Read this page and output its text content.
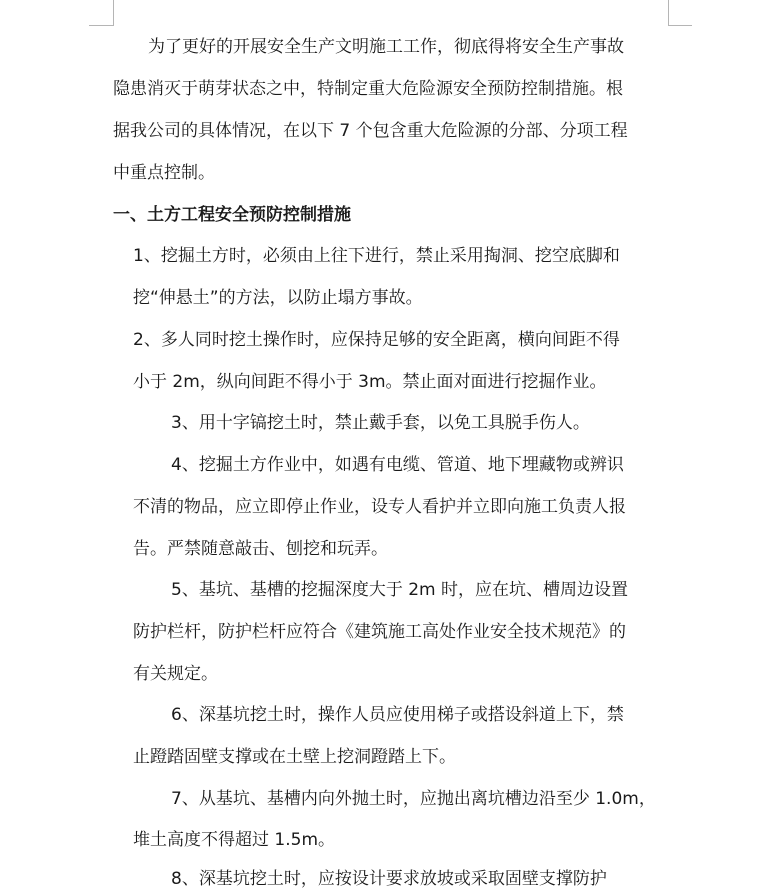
为了更好的开展安全生产文明施工工作，彻底得将安全生产事故

隐患消灭于萌芽状态之中，特制定重大危险源安全预防控制措施。根

据我公司的具体情况，在以下 7 个包含重大危险源的分部、分项工程

中重点控制。

一、土方工程安全预防控制措施

1、挖掘土方时，必须由上往下进行，禁止采用掏洞、挖空底脚和

挖“伸悬土”的方法，以防止塌方事故。

2、多人同时挖土操作时，应保持足够的安全距离，横向间距不得

小于 2m，纵向间距不得小于 3m。禁止面对面进行挖掘作业。

3、用十字镐挖土时，禁止戴手套，以免工具脱手伤人。

4、挖掘土方作业中，如遇有电缆、管道、地下埋藏物或辨识

不清的物品，应立即停止作业，设专人看护并立即向施工负责人报

告。严禁随意敲击、刨挖和玩弄。

5、基坑、基槽的挖掘深度大于 2m 时，应在坑、槽周边设置

防护栏杆，防护栏杆应符合《建筑施工高处作业安全技术规范》的

有关规定。

6、深基坑挖土时，操作人员应使用梯子或搭设斜道上下，禁

止蹬踏固壁支撑或在土壁上挖洞蹬踏上下。

7、从基坑、基槽内向外抛土时，应抛出离坑槽边沿至少 1.0m，

堆土高度不得超过 1.5m。

8、深基坑挖土时，应按设计要求放坡或采取固壁支撑防护
